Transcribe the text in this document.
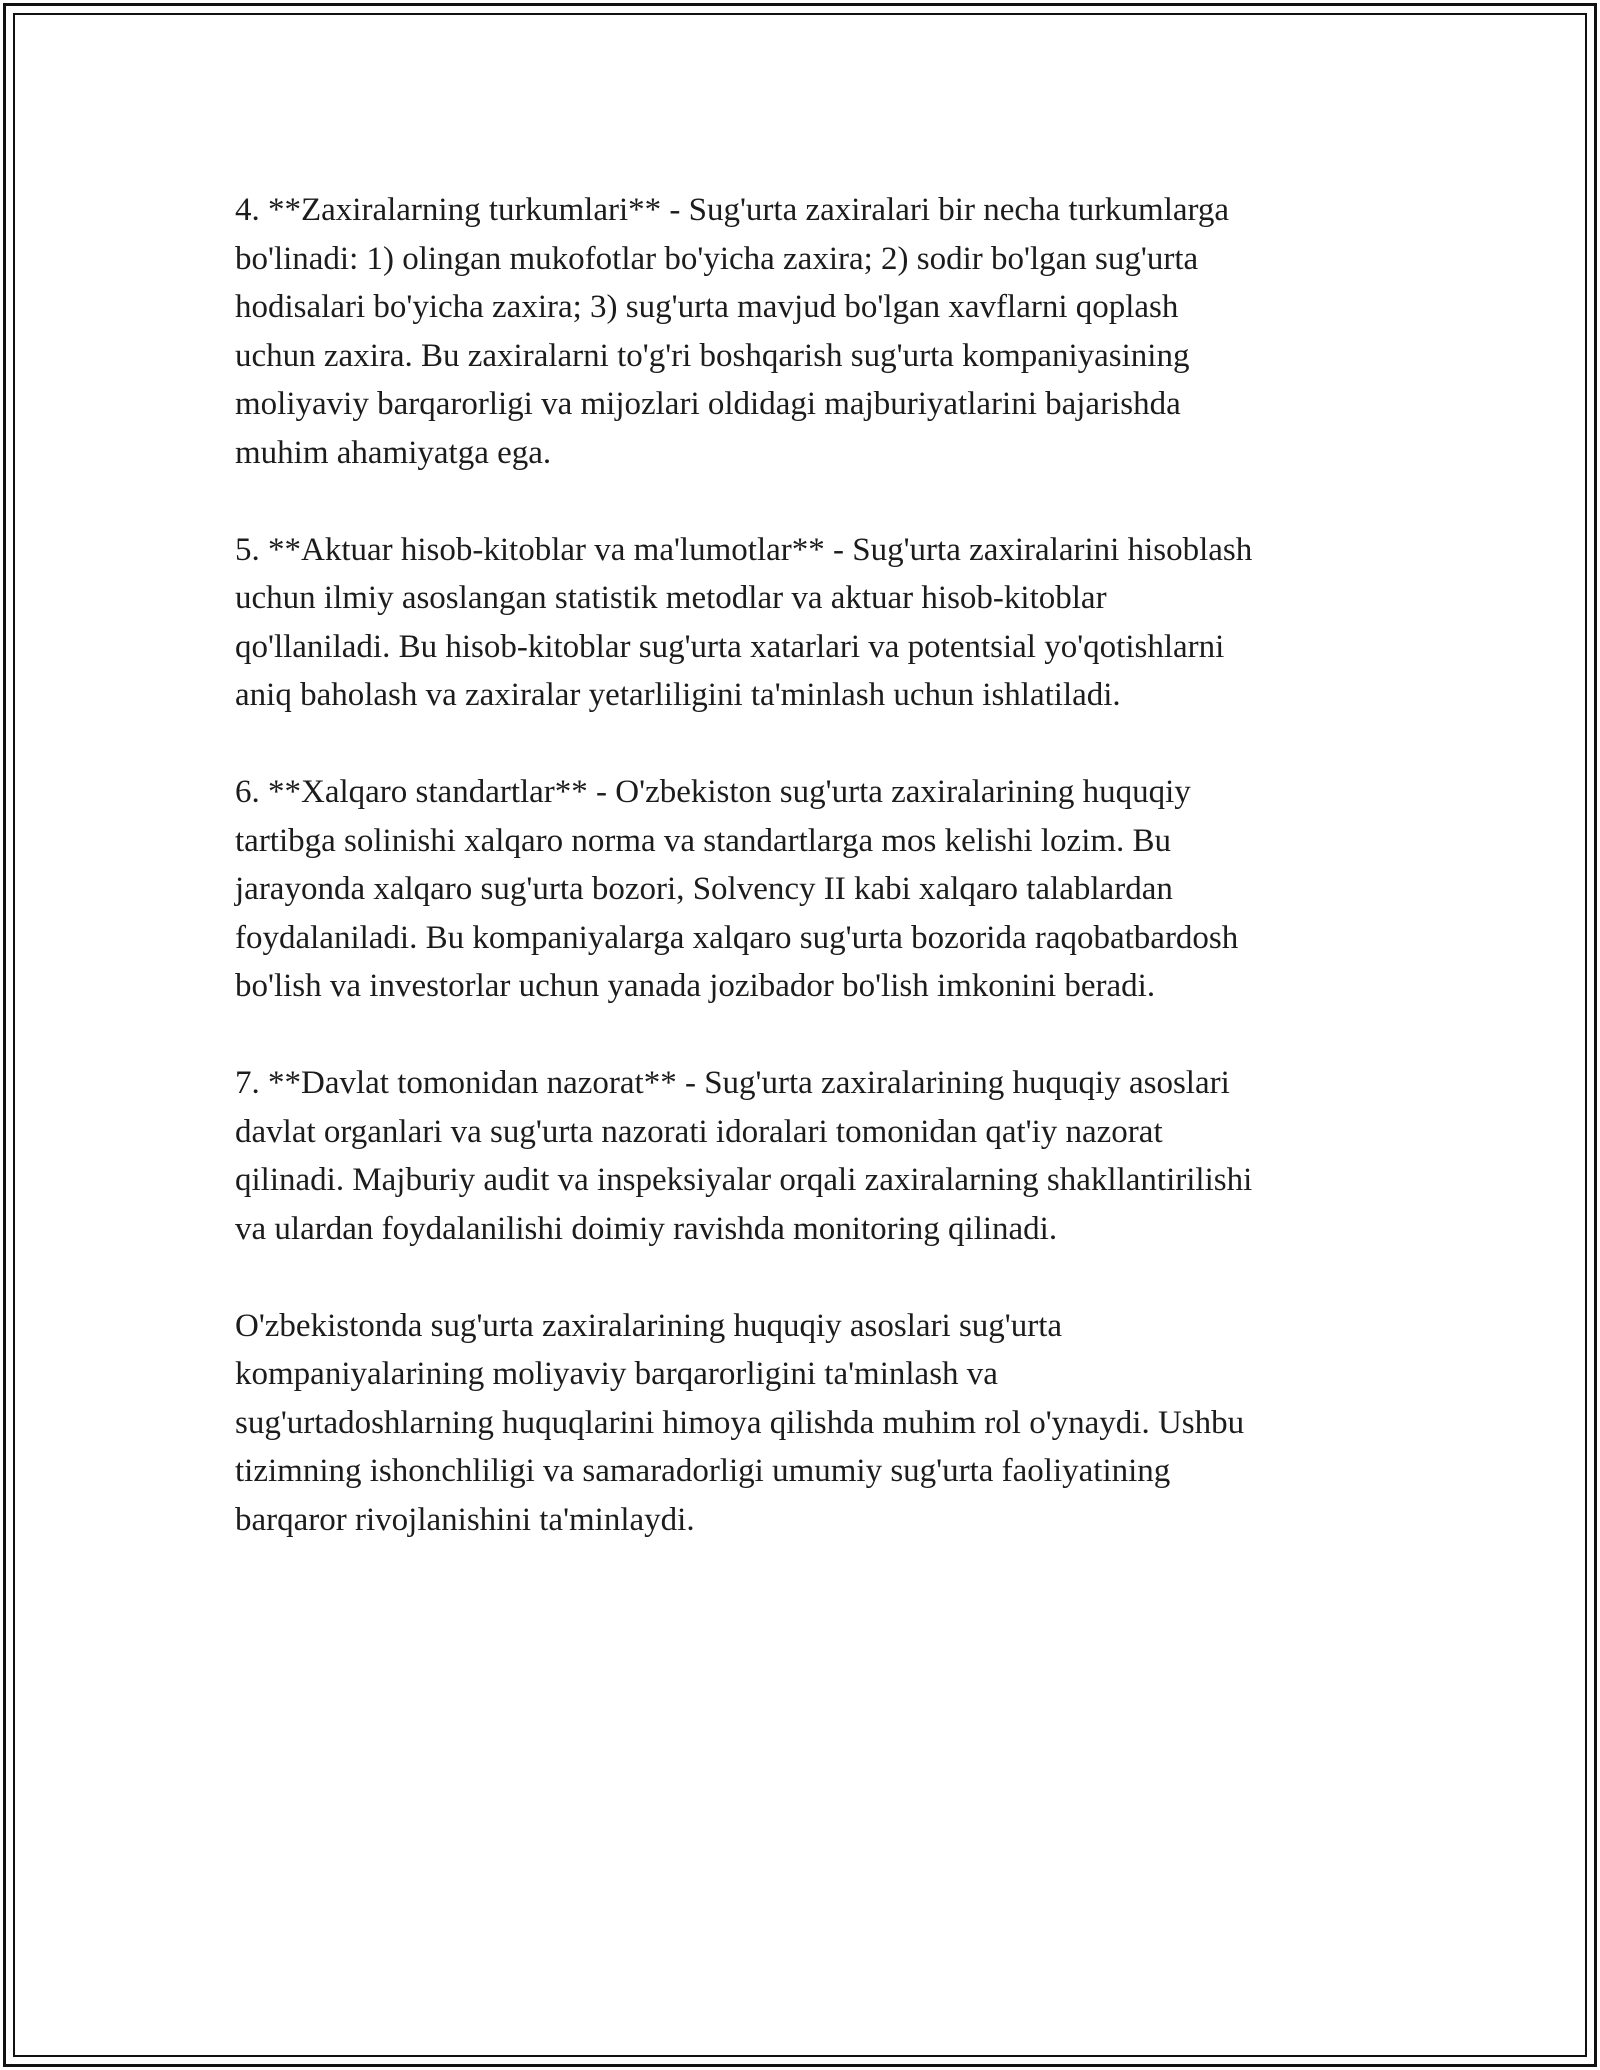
4. **Zaxiralarning turkumlari** - Sug'urta zaxiralari bir necha turkumlarga
bo'linadi: 1) olingan mukofotlar bo'yicha zaxira; 2) sodir bo'lgan sug'urta
hodisalari bo'yicha zaxira; 3) sug'urta mavjud bo'lgan xavflarni qoplash
uchun zaxira. Bu zaxiralarni to'g'ri boshqarish sug'urta kompaniyasining
moliyaviy barqarorligi va mijozlari oldidagi majburiyatlarini bajarishda
muhim ahamiyatga ega.

5. **Aktuar hisob-kitoblar va ma'lumotlar** - Sug'urta zaxiralarini hisoblash
uchun ilmiy asoslangan statistik metodlar va aktuar hisob-kitoblar
qo'llaniladi. Bu hisob-kitoblar sug'urta xatarlari va potentsial yo'qotishlarni
aniq baholash va zaxiralar yetarliligini ta'minlash uchun ishlatiladi.

6. **Xalqaro standartlar** - O'zbekiston sug'urta zaxiralarining huquqiy
tartibga solinishi xalqaro norma va standartlarga mos kelishi lozim. Bu
jarayonda xalqaro sug'urta bozori, Solvency II kabi xalqaro talablardan
foydalaniladi. Bu kompaniyalarga xalqaro sug'urta bozorida raqobatbardosh
bo'lish va investorlar uchun yanada jozibador bo'lish imkonini beradi.

7. **Davlat tomonidan nazorat** - Sug'urta zaxiralarining huquqiy asoslari
davlat organlari va sug'urta nazorati idoralari tomonidan qat'iy nazorat
qilinadi. Majburiy audit va inspeksiyalar orqali zaxiralarning shakllantirilishi
va ulardan foydalanilishi doimiy ravishda monitoring qilinadi.

O'zbekistonda sug'urta zaxiralarining huquqiy asoslari sug'urta
kompaniyalarining moliyaviy barqarorligini ta'minlash va
sug'urtadoshlarning huquqlarini himoya qilishda muhim rol o'ynaydi. Ushbu
tizimning ishonchliligi va samaradorligi umumiy sug'urta faoliyatining
barqaror rivojlanishini ta'minlaydi.
